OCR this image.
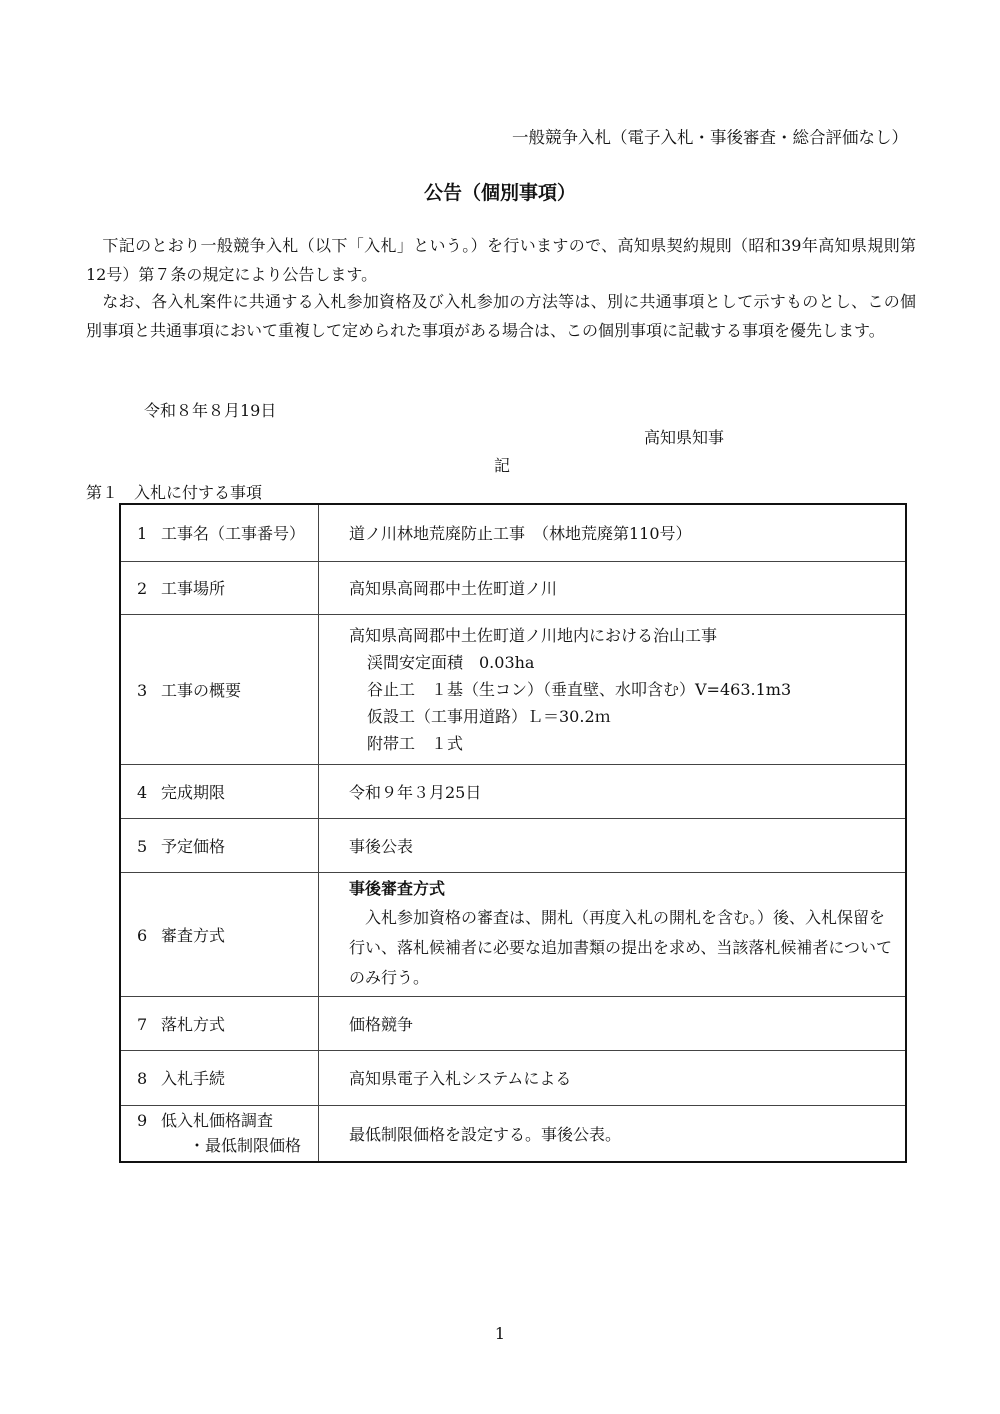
一般競争入札（電子入札・事後審査・総合評価なし）
公告（個別事項）
　下記のとおり一般競争入札（以下「入札」という。）を行いますので、高知県契約規則（昭和39年高知県規則第12号）第７条の規定により公告します。
　なお、各入札案件に共通する入札参加資格及び入札参加の方法等は、別に共通事項として示すものとし、この個別事項と共通事項において重複して定められた事項がある場合は、この個別事項に記載する事項を優先します。
令和８年８月19日
高知県知事
記
第１　入札に付する事項
1 工事名（工事番号）	道ノ川林地荒廃防止工事　（林地荒廃第110号）
2 工事場所	高知県高岡郡中土佐町道ノ川
3 工事の概要	高知県高岡郡中土佐町道ノ川地内における治山工事
渓間安定面積　0.03ha
谷止工　１基（生コン）（垂直壁、水叩含む）V=463.1m3
仮設工（工事用道路）Ｌ＝30.2ｍ
附帯工　１式

4 完成期限	令和９年３月25日
5 予定価格	事後公表
6 審査方式	事後審査方式
入札参加資格の審査は、開札（再度入札の開札を含む。）後、入札保留を行い、落札候補者に必要な追加書類の提出を求め、当該落札候補者についてのみ行う。

7 落札方式	価格競争
8 入札手続	高知県電子入札システムによる

9 低入札価格調査
・最低制限価格	最低制限価格を設定する。事後公表。
1
